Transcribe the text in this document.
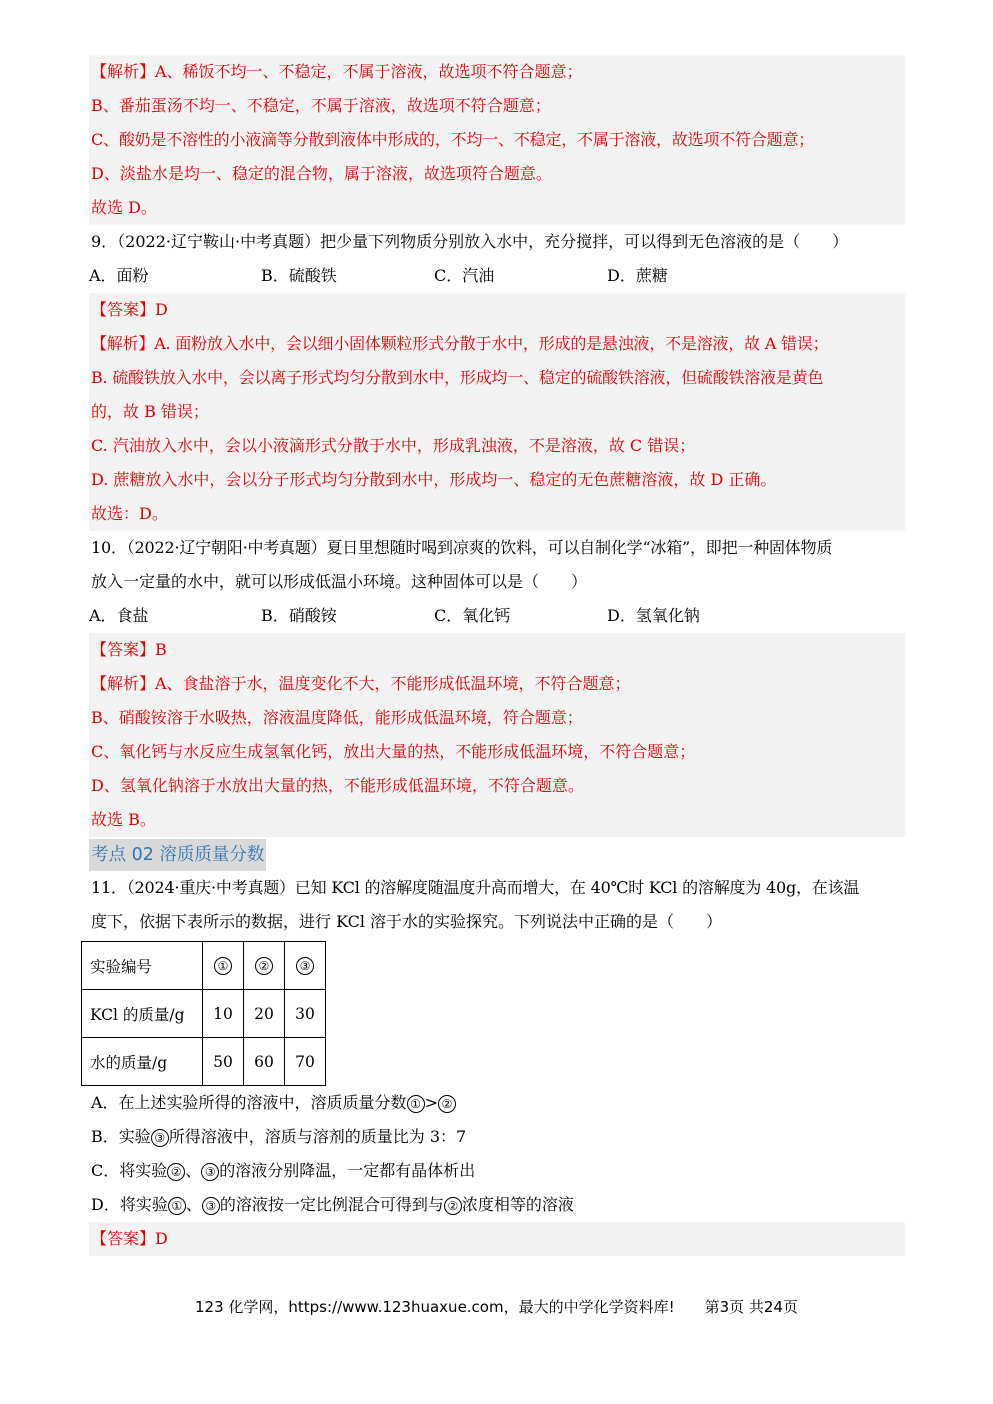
【解析】A、稀饭不均一、不稳定，不属于溶液，故选项不符合题意；
B、番茄蛋汤不均一、不稳定，不属于溶液，故选项不符合题意；
C、酸奶是不溶性的小液滴等分散到液体中形成的，不均一、不稳定，不属于溶液，故选项不符合题意；
D、淡盐水是均一、稳定的混合物，属于溶液，故选项符合题意。
故选 D。
9．（2022·辽宁鞍山·中考真题）把少量下列物质分别放入水中，充分搅拌，可以得到无色溶液的是（　　）
A．面粉	B．硫酸铁	C．汽油	D．蔗糖
【答案】D
【解析】A. 面粉放入水中，会以细小固体颗粒形式分散于水中，形成的是悬浊液，不是溶液，故 A 错误；
B. 硫酸铁放入水中，会以离子形式均匀分散到水中，形成均一、稳定的硫酸铁溶液，但硫酸铁溶液是黄色
的，故 B 错误；
C. 汽油放入水中，会以小液滴形式分散于水中，形成乳浊液，不是溶液，故 C 错误；
D. 蔗糖放入水中，会以分子形式均匀分散到水中，形成均一、稳定的无色蔗糖溶液，故 D 正确。
故选：D。
10．（2022·辽宁朝阳·中考真题）夏日里想随时喝到凉爽的饮料，可以自制化学“冰箱”，即把一种固体物质
放入一定量的水中，就可以形成低温小环境。这种固体可以是（　　）
A．食盐	B．硝酸铵	C．氧化钙	D．氢氧化钠
【答案】B
【解析】A、食盐溶于水，温度变化不大，不能形成低温环境，不符合题意；
B、硝酸铵溶于水吸热，溶液温度降低，能形成低温环境，符合题意；
C、氧化钙与水反应生成氢氧化钙，放出大量的热，不能形成低温环境，不符合题意；
D、氢氧化钠溶于水放出大量的热，不能形成低温环境，不符合题意。
故选 B。
考点 02 溶质质量分数
11．（2024·重庆·中考真题）已知 KCl 的溶解度随温度升高而增大，在 40℃时 KCl 的溶解度为 40g，在该温
度下，依据下表所示的数据，进行 KCl 溶于水的实验探究。下列说法中正确的是（　　）
实验编号	①	②	③
KCl 的质量/g	10	20	30
水的质量/g	50	60	70
A．在上述实验所得的溶液中，溶质质量分数 ① > ②
B．实验 ③ 所得溶液中，溶质与溶剂的质量比为 3：7
C．将实验 ② 、 ③ 的溶液分别降温，一定都有晶体析出
D．将实验 ① 、 ③ 的溶液按一定比例混合可得到与 ② 浓度相等的溶液
【答案】D
123 化学网，https://www.123huaxue.com，最大的中学化学资料库!　　第3页 共24页
